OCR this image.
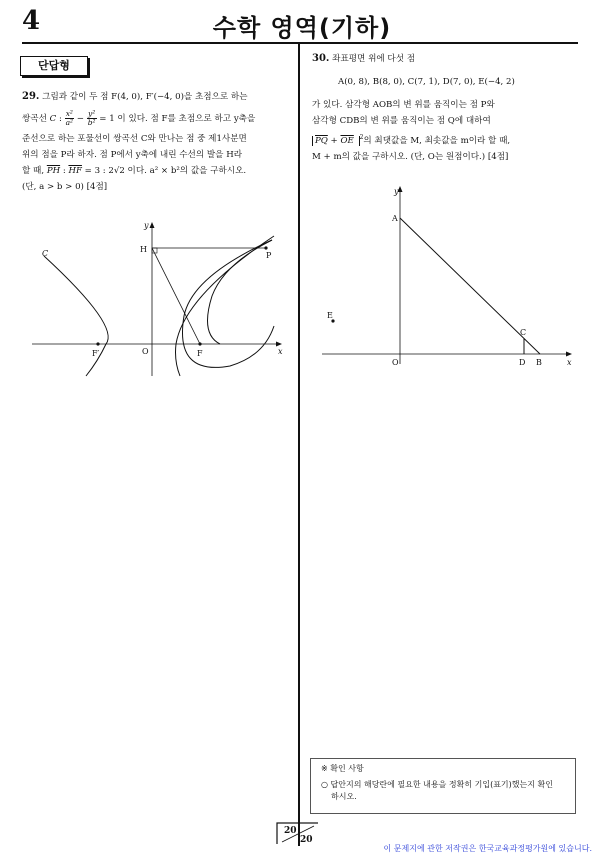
4	수학 영역(기하)
단답형
29. 그림과 같이 두 점 F(4, 0), F′(−4, 0)을 초점으로 하는
쌍곡선 C : $\frac{\text{x²}}{\text{a²}} - \frac{\text{y²}}{\text{b²}} = 1$ 이 있다. 점 F를 초점으로 하고 y축을
준선으로 하는 포물선이 쌍곡선 C와 만나는 점 중 제1사분면
위의 점을 P라 하자. 점 P에서 y축에 내린 수선의 발을 H라
할 때, $\overline{PH}$ : $\overline{HF} = 3$ : 2√2 이다. a² × b²의 값을 구하시오.
(단, a > b > 0) [4점]
C	H
P
y
x
O	F
F′
30. 좌표평면 위에 다섯 점
A(0, 8), B(8, 0), C(7, 1), D(7, 0), E(−4, 2)
가 있다. 삼각형 AOB의 변 위를 움직이는 점 P와
삼각형 CDB의 변 위를 움직이는 점 Q에 대하여
$\overline{PQ} + \overline{OE}$ $^2$의 최댓값을 M, 최솟값을 m이라 할 때,
M + m의 값을 구하시오. (단, O는 원점이다.) [4점]
y
A
E
C
O	D B	x
※ 확인 사항
○ 답안지의 해당란에 필요한 내용을 정확히 기입(표기)했는지 확인
하시오.
20
20
이 문제지에 관한 저작권은 한국교육과정평가원에 있습니다.
